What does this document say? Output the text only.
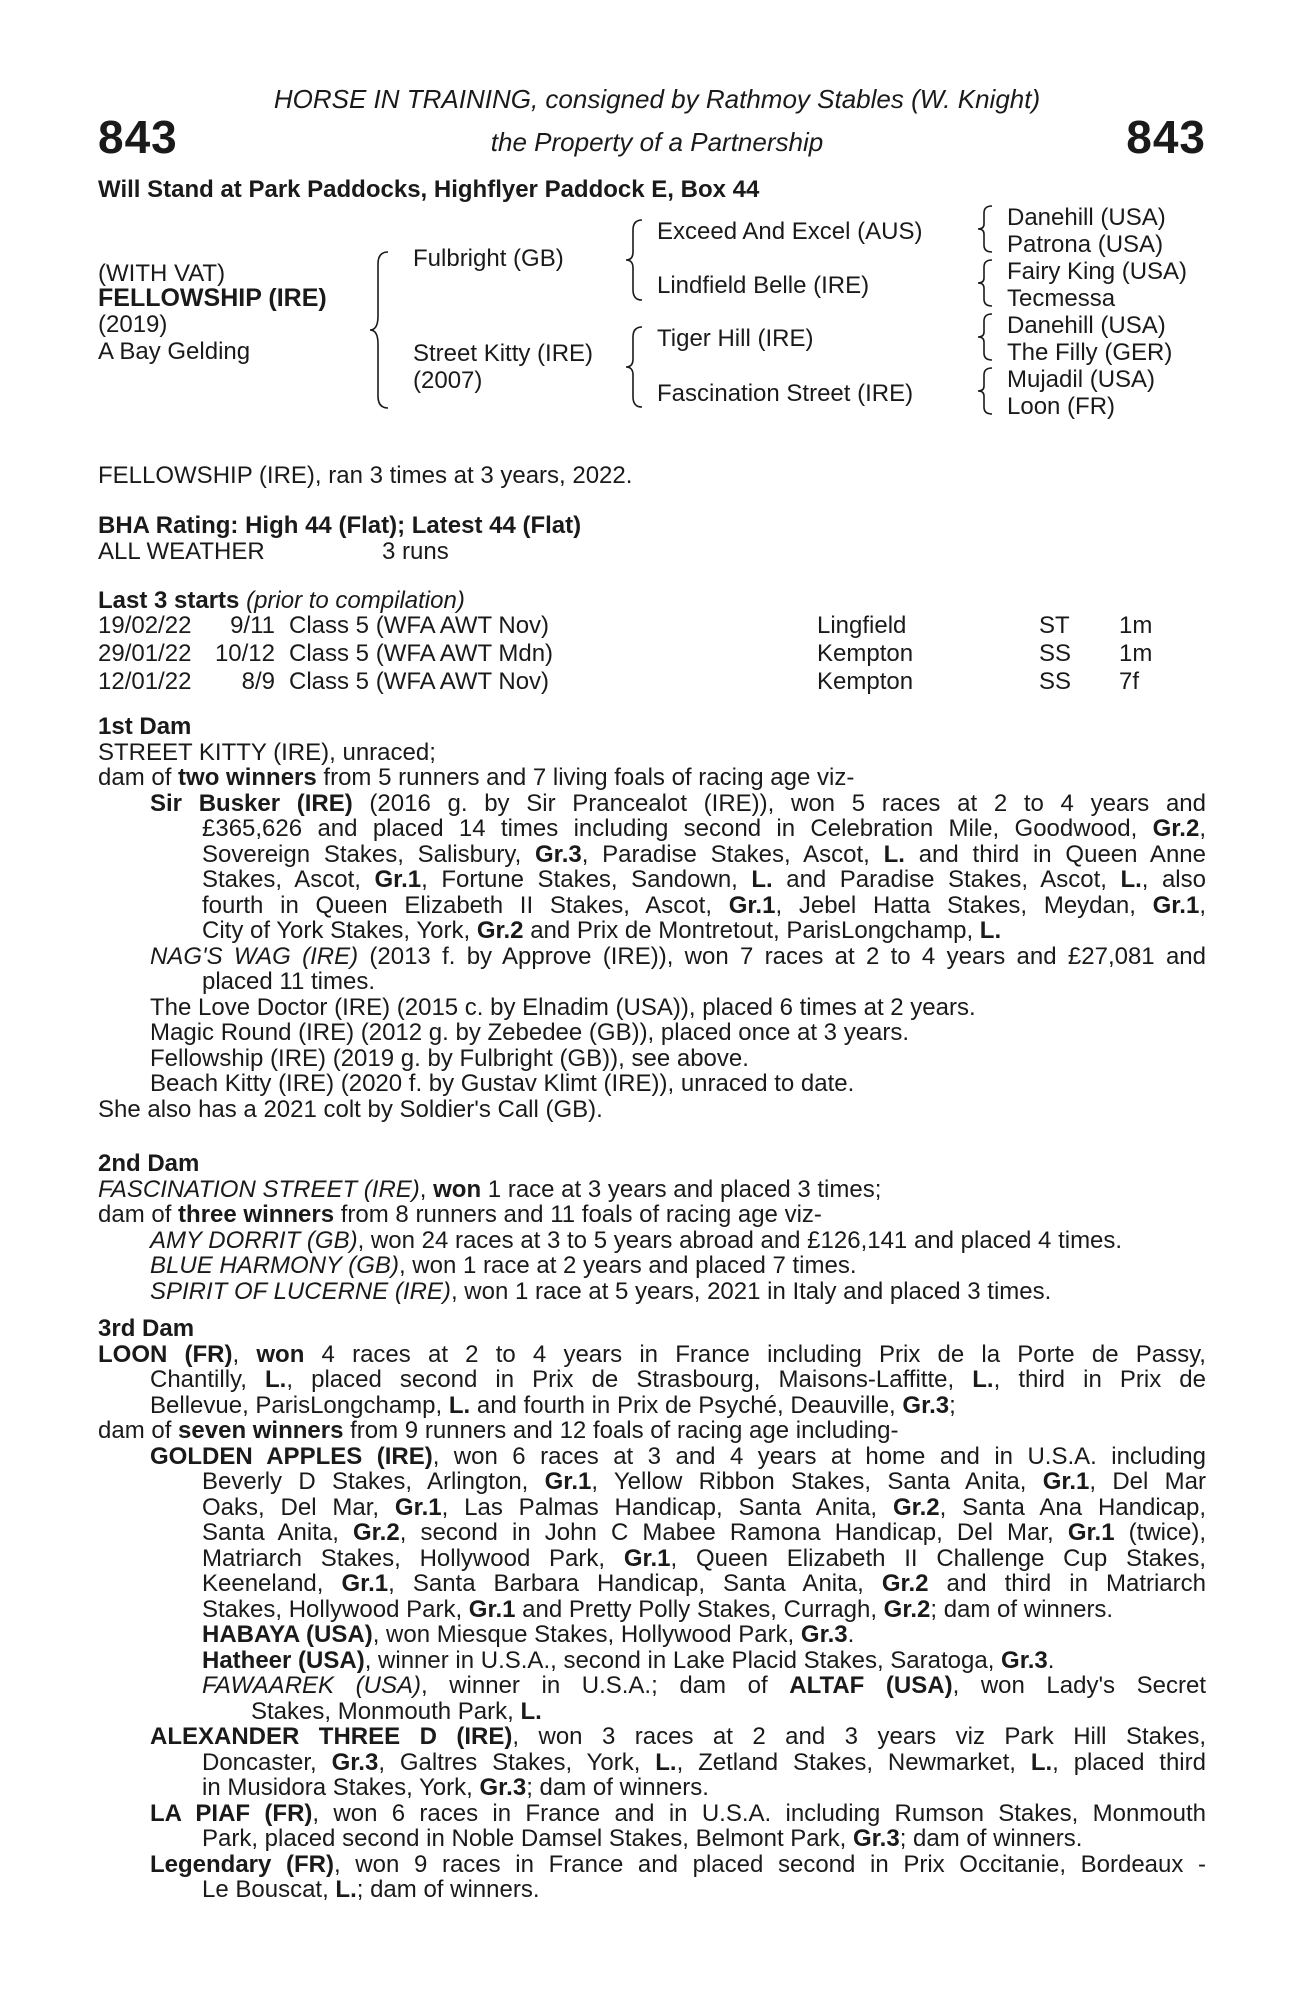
843	843
HORSE IN TRAINING, consigned by Rathmoy Stables (W. Knight)
the Property of a Partnership
Will Stand at Park Paddocks, Highflyer Paddock E, Box 44
(WITH VAT)
FELLOWSHIP (IRE)
(2019)
A Bay Gelding
Fulbright (GB)
Street Kitty (IRE)
(2007)
Exceed And Excel (AUS)
Lindfield Belle (IRE)
Tiger Hill (IRE)
Fascination Street (IRE)
Danehill (USA)
Patrona (USA)
Fairy King (USA)
Tecmessa
Danehill (USA)
The Filly (GER)
Mujadil (USA)
Loon (FR)
FELLOWSHIP (IRE), ran 3 times at 3 years, 2022.
BHA Rating: High 44 (Flat); Latest 44 (Flat)
ALL WEATHER	3 runs
Last 3 starts (prior to compilation)
19/02/22	9/11	Class 5 (WFA AWT Nov)	Lingfield	ST	1m
29/01/22	10/12	Class 5 (WFA AWT Mdn)	Kempton	SS	1m
12/01/22	8/9	Class 5 (WFA AWT Nov)	Kempton	SS	7f
1st Dam
STREET KITTY (IRE), unraced;
dam of two winners from 5 runners and 7 living foals of racing age viz-
Sir Busker (IRE) (2016 g. by Sir Prancealot (IRE)), won 5 races at 2 to 4 years and
£365,626 and placed 14 times including second in Celebration Mile, Goodwood, Gr.2,
Sovereign Stakes, Salisbury, Gr.3, Paradise Stakes, Ascot, L. and third in Queen Anne
Stakes, Ascot, Gr.1, Fortune Stakes, Sandown, L. and Paradise Stakes, Ascot, L., also
fourth in Queen Elizabeth II Stakes, Ascot, Gr.1, Jebel Hatta Stakes, Meydan, Gr.1,
City of York Stakes, York, Gr.2 and Prix de Montretout, ParisLongchamp, L.
NAG'S WAG (IRE) (2013 f. by Approve (IRE)), won 7 races at 2 to 4 years and £27,081 and
placed 11 times.
The Love Doctor (IRE) (2015 c. by Elnadim (USA)), placed 6 times at 2 years.
Magic Round (IRE) (2012 g. by Zebedee (GB)), placed once at 3 years.
Fellowship (IRE) (2019 g. by Fulbright (GB)), see above.
Beach Kitty (IRE) (2020 f. by Gustav Klimt (IRE)), unraced to date.
She also has a 2021 colt by Soldier's Call (GB).
2nd Dam
FASCINATION STREET (IRE), won 1 race at 3 years and placed 3 times;
dam of three winners from 8 runners and 11 foals of racing age viz-
AMY DORRIT (GB), won 24 races at 3 to 5 years abroad and £126,141 and placed 4 times.
BLUE HARMONY (GB), won 1 race at 2 years and placed 7 times.
SPIRIT OF LUCERNE (IRE), won 1 race at 5 years, 2021 in Italy and placed 3 times.
3rd Dam
LOON (FR), won 4 races at 2 to 4 years in France including Prix de la Porte de Passy,
Chantilly, L., placed second in Prix de Strasbourg, Maisons-Laffitte, L., third in Prix de
Bellevue, ParisLongchamp, L. and fourth in Prix de Psyché, Deauville, Gr.3;
dam of seven winners from 9 runners and 12 foals of racing age including-
GOLDEN APPLES (IRE), won 6 races at 3 and 4 years at home and in U.S.A. including
Beverly D Stakes, Arlington, Gr.1, Yellow Ribbon Stakes, Santa Anita, Gr.1, Del Mar
Oaks, Del Mar, Gr.1, Las Palmas Handicap, Santa Anita, Gr.2, Santa Ana Handicap,
Santa Anita, Gr.2, second in John C Mabee Ramona Handicap, Del Mar, Gr.1 (twice),
Matriarch Stakes, Hollywood Park, Gr.1, Queen Elizabeth II Challenge Cup Stakes,
Keeneland, Gr.1, Santa Barbara Handicap, Santa Anita, Gr.2 and third in Matriarch
Stakes, Hollywood Park, Gr.1 and Pretty Polly Stakes, Curragh, Gr.2; dam of winners.
HABAYA (USA), won Miesque Stakes, Hollywood Park, Gr.3.
Hatheer (USA), winner in U.S.A., second in Lake Placid Stakes, Saratoga, Gr.3.
FAWAAREK (USA), winner in U.S.A.; dam of ALTAF (USA), won Lady's Secret
Stakes, Monmouth Park, L.
ALEXANDER THREE D (IRE), won 3 races at 2 and 3 years viz Park Hill Stakes,
Doncaster, Gr.3, Galtres Stakes, York, L., Zetland Stakes, Newmarket, L., placed third
in Musidora Stakes, York, Gr.3; dam of winners.
LA PIAF (FR), won 6 races in France and in U.S.A. including Rumson Stakes, Monmouth
Park, placed second in Noble Damsel Stakes, Belmont Park, Gr.3; dam of winners.
Legendary (FR), won 9 races in France and placed second in Prix Occitanie, Bordeaux -
Le Bouscat, L.; dam of winners.
